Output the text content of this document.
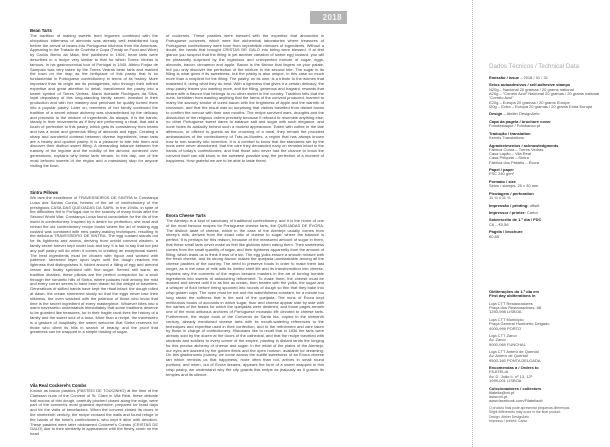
2018
Bean Tarts

The tradition of making sweets from legumes combined with the ubiquitous bitterness of almonds was already well established long before the arrival of beans into Portuguese kitchens from the Americas. Appearing in the Tratado de Cozinha e Copa (Treaty on Food and Wine) by Carlos Bento da Maia, first published in 1904, bean tarts were described in a recipe very similar to that for which Torres Vedras is famous. In his gastronomical tour of Portugal in 1940, Albino Forjaz de Sampaio was very taken by the Torres Vedras bean tarts and marked the town on the map as the birthplace of this pastry that is so fundamental in Portuguese confectionery in terms of its history. More important than its origin are its protagonists, who through their refined expertise and great attention to detail, transformed the pastry into a sweet symbol of Torres Vedras. Maria Adelaide Rodrigues da Silva, loyal depositary of this long-standing family secret, invested in their production and with her mastery and penchant for quality turned them into a popular pastry. Later on, members of her family continued the tradition of a secret whose alchemy was characterised by the delicacy and precision in the mixture of ingredients. As always, it is the hands, steady in their movements as if they are performing a ritual, that add a touch of perfection to this pastry, which gets its consistency from beans and has a moist and generous filling of almonds and eggs. Creating a sharp and wonderful contrast between diverse ingredients, bean tarts are a hearty and opulent pastry. It is a pleasure to bite into them and discover their distinct sweet filling. A demanding balance between the rusticity of the legume and the nobility of the almond, achieved over generations, explains why these tarts remain, to this day, one of the most beloved sweets of the region and a mandatory stop for anyone visiting the town.

Sintra Pillows

We owe the excellence of TRAVESSEIROS DE SINTRA to Constança Luísa dos Santos Cunha, heiress of the art of confectionery of the prestigious CASA DAS QUEIJADAS DA SAPA. In the 1940s, in spite of the difficulties felt in Portugal due to the scarcity of many foods after the Second World War, Constança Luísa found consolation for the ills of the world in confectionery. Inspired by a desire for perfection, she read and reread the old confectionery recipe books where the art of making egg custard was combined with new pastry-making techniques, resulting in the delicious TRAVESSEIRO DE SINTRA. The egg custard stands out for its lightness and aroma, deriving from untold convent wisdom, a family secret forever kept under lock and key. It is fair to say that not just any puff pastry will do when it comes to creating an exceptional sweet. The best ingredients must be chosen with rigour and worked with patience, stretched layer upon layer until the dough reaches the lightness that distinguishes it, folded around a filling of egg and almond cream and finally sprinkled with fine sugar. Served still warm, as tradition dictates, these pillows are the perfect companion for a stroll through the romantic hills of Sintra, where palaces hide among the mist and every corner seems to have been drawn for the delight of travellers. Generations of skilled hands have kept the ritual intact: the dough rolled at dawn, the cream simmered slowly so that the eggs never lose their silkiness, the oven watched with the patience of those who know that time is the secret ingredient of every masterpiece. Whoever bites into a warm travesseiro understands immediately that some traditions deserve to be guarded like treasures, for in their fragile crust lives the history of a family and the sweet soul of a town. More than a recipe, the travesseiro is a gesture of hospitality, the sweet welcome that Sintra reserves for those who climb its hills in search of beauty, and the proof that greatness can be wrapped in a simple dusting of sugar.

Vila Real Cockerel’s Combs

Known as bacon pastries (PASTÉIS DE TOUCINHO) at the time of the Clarissan nuns of the Convent of St. Clare in Vila Real, these delicate half-moons of thin dough, carefully pinched closed along the edge, were part of the convent’s most guarded repertoire, prepared for feast days and for the visits of benefactors. When the convent closed its doors in the nineteenth century, the recipe crossed the walls and found refuge in the hands of the town’s confectioners, who kept it alive with devotion. These pastries were later nicknamed Cockerel’s Combs (CRISTAS DE GALO) due to their similarity in appearance with the fleshy comb on the head

of cockerels. These pastries were blessed with the expertise that abounded in Portuguese convents, which were like alchemical laboratories where treasures of Portuguese confectionery were born from improbable mixtures of ingredients. Without a doubt, the hands that brought CRISTAS DE GALO into being were blessed. If at first glance you suspect that the filling is yet another variation of sweet egg custard, you will be pleasantly surprised by the ingenious and unexpected mixture of sugar, eggs, almonds, bacon, cinnamon and apple. Bacon is the flavour that lingers on your palate, but you only discover the perfection of the mixture in the second bite. The sugar in its filling is what gives it its sweetness, but the pastry is also unique, in this case so much more than a recipient for the filling. The pastry, on its own, is a tribute to the women that mastered it, doing what they do best. With a lightness that gives it a certain delicacy, the crisp pastry leaves you wanting more, and the filling, generous and fragrant, rewards that desire with a flavour that belongs to no other sweet in the country. Tradition tells that the nuns, forbidden from wasting anything that the farms of the convent produced, learned to marry the savoury smoke of cured bacon with the brightness of apple and the warmth of cinnamon, and that the result was so surprising that visitors travelled from distant towns to confirm the rumour with their own mouths. The recipe survived wars, droughts and the dissolution of the religious orders precisely because it refused to resemble anything else; no other Portuguese sweet dares to balance salt and sugar with such elegance, and none hides its audacity behind such a modest appearance. Eaten with coffee in the late afternoon, or offered to guests as the crowning of a meal, they remain the proudest ambassadors of the confectionery of Trás-os-Montes, a region that has always known how to turn scarcity into invention. It is a comfort to know that the standards set by the nuns were never abandoned, that the care they demanded early on remains intact in the hands of today’s confectioners, and that those who never had the chance to know the convent itself can still know, in the sweetest possible way, the perfection of a moment of happiness. How grateful we are to be able to taste them!

Évora Cheese Tarts

The Alentejo is a kind of sanctuary of traditional confectionery, and it is the home of one of the most famous recipes for Portuguese cheese tarts, the QUEIJADAS DE ÉVORA. The distinct taste of cheese, which in the case of the Alentejo usually comes from sheep’s milk, derives from the exact ratio of cheese to sugar, where the balance is perfect. It is perhaps for this reason, because of the measured amount of sugar in them, that these small tarts never make us feel like gluttons when eating them. Their sweetness comes from the small quantity of sugar, and their lightness apparently from the amount of filling, which leads us to think it less of a sin. The egg yolks ensure a smooth mixture with the fresh cheese, and its strong flavour makes the queijada unmistakable among all the cheese pastries of the country. The need to preserve foods in order to make them last longer, as in the case of milk with its limited shelf life and its transformation into cheese, explains why the convents of the region became masters in the art of turning humble ingredients into sweets of astonishing refinement. To make them, the cheese must be drained and sieved until it is as fine as cream, then beaten with the yolks, the sugar and a whisper of flour before being spooned into rounds of dough so thin that they bake into crisp golden cups. The oven must be hot and the watchfulness constant, for a minute too long steals the softness that is the soul of the queijada. The nuns of Évora kept meticulous books of accounts in which sugar, flour and cheese appear side by side with the names of the feasts for which the queijadas were destined, and those pages remain one of the most delicious archives of Portuguese monastic life devoted to cheese tarts. Furthermore, the recipe book of the Convento de Santa Iria, copied in the sixteenth century, already mentioned cheese tarts with its mouth-watering references to the techniques and expertise used in their confection, and to the refinement and care taken by those in charge of confectionery. Historians like to recall that in 1836 the tarts were already sold by the dozen at the doors of the cathedral, and that the recipe travelled with students and soldiers to every corner of the empire, planting in distant lands the longing for this precise alchemy of cheese and sugar. In the midst of the plains of the Alentejo, our eyes are dazzled by the golden fields and the open horizon, available for dreaming. On this gastronomic journey, we come across the subtle sweetness of an Évora cheese tart which reminds us that happiness, more often than not, arrives in small round portions; and when, out of Évora dreams, appears the form of a sweet wrapped in thin crisp pastry, we understand why the city guards this recipe as jealously as it guards its temples and its silence.

Dados Técnicos / Technical Data
Emissão / issue – 2018 / 01 / 31
Selos autoadesivos / self-adhesive stamps
N20g – Nacional 20 gramas / 20 grams national
A20g – “Correio Azul” Nacional 20 gramas / 20 grams national “Correio Azul”
E20g – Europa 20 gramas / 20 grams Europe
I20g – Extra – Europa 20 gramas / 20 grams Extra Europe
Design – Atelier Design&etc
Capa da pagela / brochure cover
Fotodestaque / Fotobanco.pt
Tradução / translation
Kennis Translations
Agradecimentos / acknowledgments
Fábrica Coroa – Torres Vedras
Casa Lapão – Vila Real
Casa Piriquita – Sintra
Fábrica dos Pastéis – Évora
Papel / paper
FSC 240 g/m²
Formato / size
Selos / stamps: 25 x 30 mm
Picotagem / perforation
11 ¾ x 11 ¾
Impressão / printing: offset
Impressor / printer: Cartor
Sobrescrito de 1.º dia / FDC
C6 – €0,56
Pagela / brochure
€0,85
Obliterações do 1.º dia em
First day obliterations in
Loja CTT Restauradores
Praça dos Restauradores, 58
1250-998 LISBOA
Loja CTT Município
Praça General Humberto Delgado
4000-999 PORTO
Loja CTT Zarco
Av. Zarco
9000-069 FUNCHAL
Loja CTT Antero de Quental
Av. Antero de Quental
9500-160 PONTA DELGADA
Encomendas a / Orders to
FILATELIA
Av. D. João II, nº 13, 12º
1999-001 LISBOA
Colecionadores / collectors
filatelia@ctt.pt
www.ctt.pt
www.facebook.com/Filateliactt
O produto final pode apresentar pequenas diferenças.
Slight differences may occur in the final product.
Design: Atelier Design&etc
Impresso / printed: Cartor
